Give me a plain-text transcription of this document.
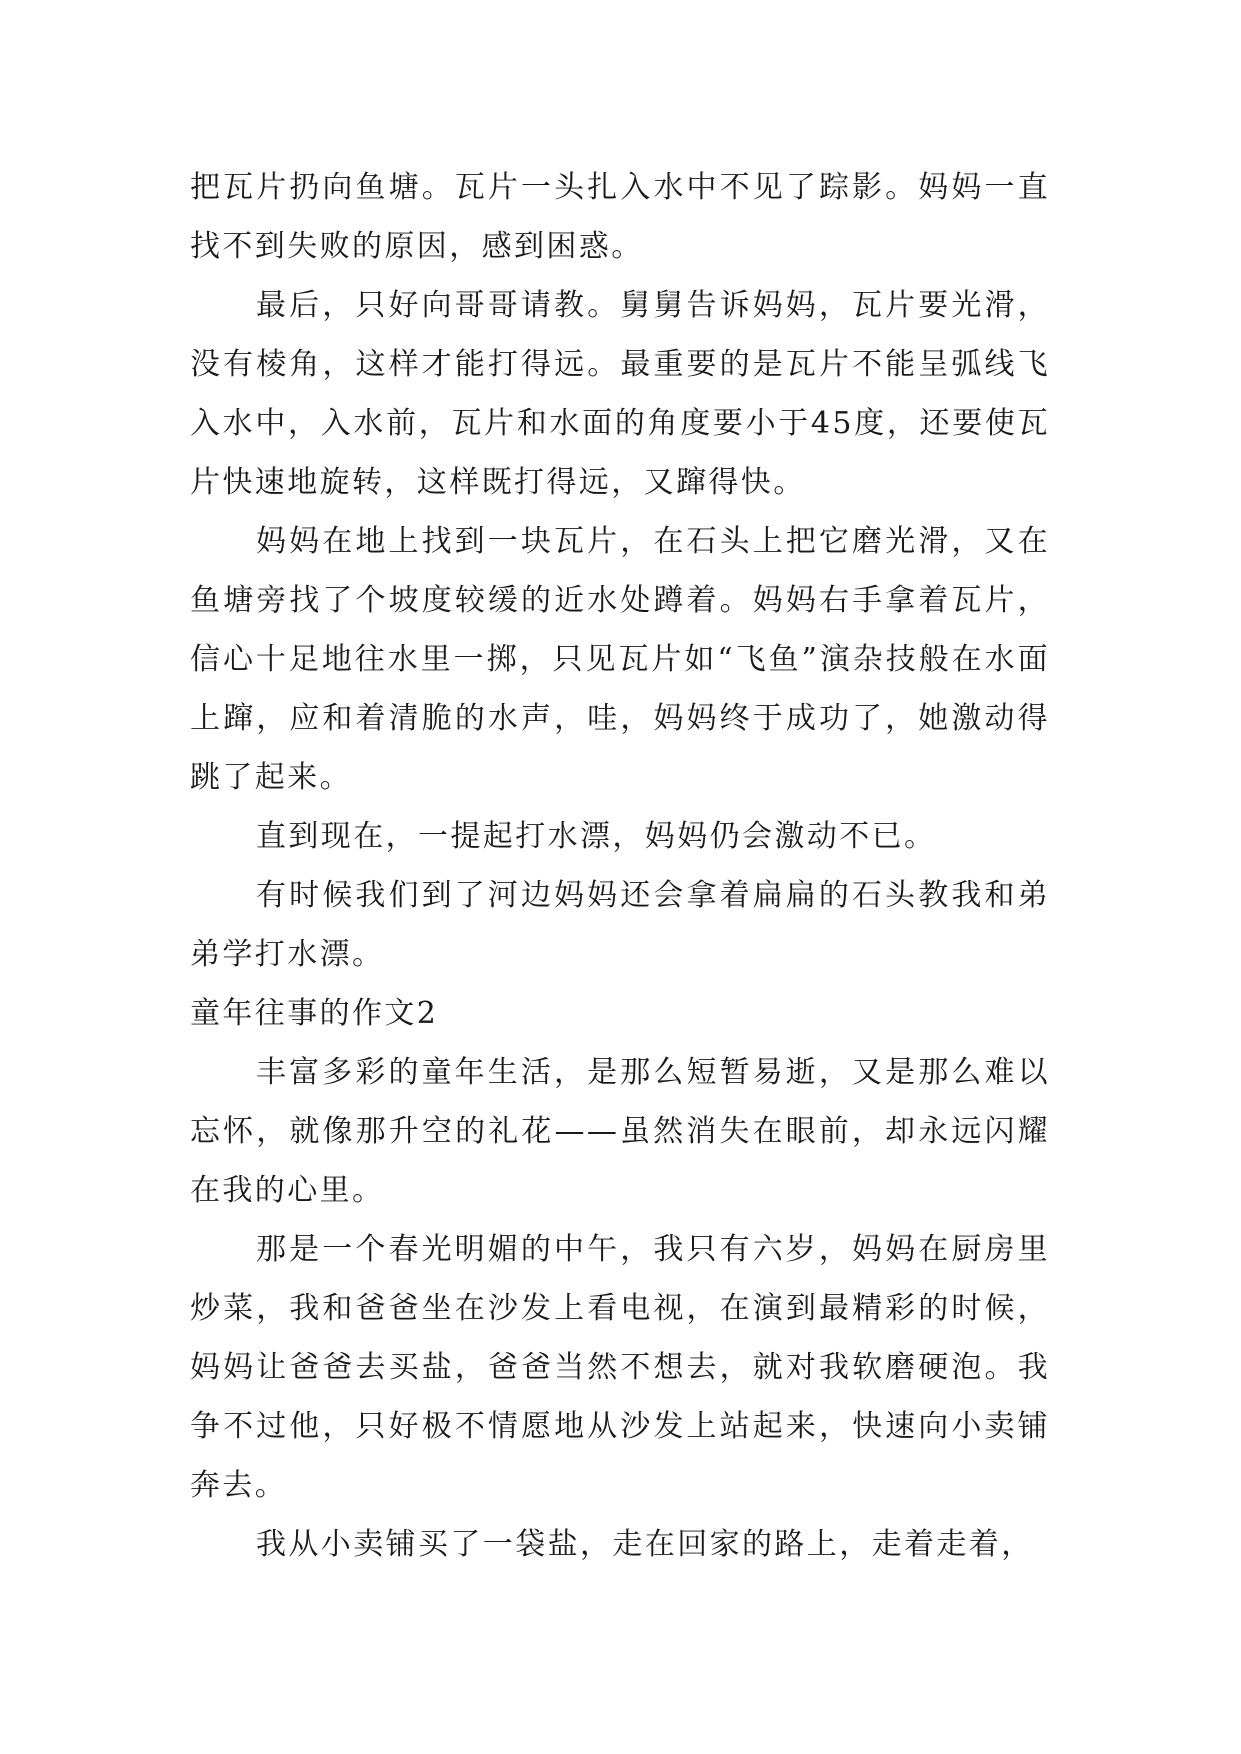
把瓦片扔向鱼塘。瓦片一头扎入水中不见了踪影。妈妈一直找不到失败的原因，感到困惑。

最后，只好向哥哥请教。舅舅告诉妈妈，瓦片要光滑，没有棱角，这样才能打得远。最重要的是瓦片不能呈弧线飞入水中，入水前，瓦片和水面的角度要小于45度，还要使瓦片快速地旋转，这样既打得远，又蹿得快。

妈妈在地上找到一块瓦片，在石头上把它磨光滑，又在鱼塘旁找了个坡度较缓的近水处蹲着。妈妈右手拿着瓦片，信心十足地往水里一掷，只见瓦片如“飞鱼”演杂技般在水面上蹿，应和着清脆的水声，哇，妈妈终于成功了，她激动得跳了起来。

直到现在，一提起打水漂，妈妈仍会激动不已。

有时候我们到了河边妈妈还会拿着扁扁的石头教我和弟弟学打水漂。

童年往事的作文2

丰富多彩的童年生活，是那么短暂易逝，又是那么难以忘怀，就像那升空的礼花——虽然消失在眼前，却永远闪耀在我的心里。

那是一个春光明媚的中午，我只有六岁，妈妈在厨房里炒菜，我和爸爸坐在沙发上看电视，在演到最精彩的时候，妈妈让爸爸去买盐，爸爸当然不想去，就对我软磨硬泡。我争不过他，只好极不情愿地从沙发上站起来，快速向小卖铺奔去。

我从小卖铺买了一袋盐，走在回家的路上，走着走着，
